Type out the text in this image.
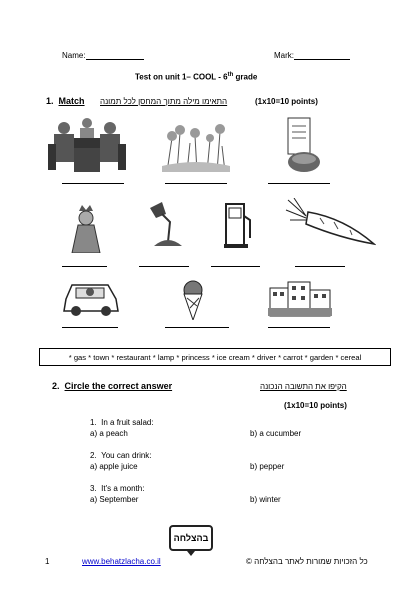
Name:	Mark:
Test on unit 1– COOL - 6th grade
1. Match התאימו מילה מתוך המחסן לכל תמונה	(1x10=10 points)
* gas * town * restaurant * lamp * princess * ice cream * driver * carrot * garden * cereal
2. Circle the correct answer	הקיפו את התשובה הנכונה
(1x10=10 points)
1. In a fruit salad:
a) a peach	b) a cucumber
2. You can drink:
a) apple juice	b) pepper
3. It's a month:
a) September	b) winter
בהצלחה
1	www.behatzlacha.co.il	כל הזכויות שמורות לאתר בהצלחה ©
